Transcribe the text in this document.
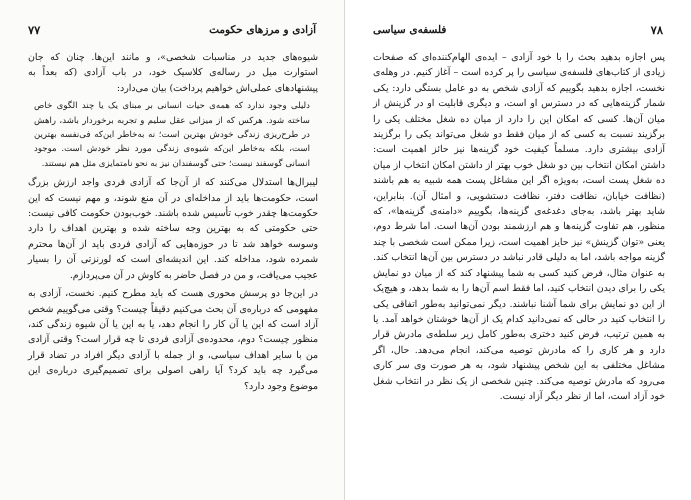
آزادی و مرزهای حکومت
۷۷

شیوه‌های جدید در مناسبات شخصی»، و مانند این‌ها. چنان که جان استوارت میل در رساله‌ی کلاسیک خود، در باب آزادی (که بعداً به پیشنهادهای عملی‌اش خواهیم پرداخت) بیان می‌دارد:

دلیلی وجود ندارد که همه‌ی حیات انسانی بر مبنای یک یا چند الگوی خاص ساخته شود. هرکس که از میزانی عقل سلیم و تجربه برخوردار باشد، راهش در طرح‌ریزی زندگی خودش بهترین است؛ نه به‌خاطر این‌که فی‌نفسه بهترین است، بلکه به‌خاطر این‌که شیوه‌ی زندگی مورد نظر خودش است. موجود انسانی گوسفند نیست؛ حتی گوسفندان نیز به نحو نامتمایزی مثل هم نیستند.

لیبرال‌ها استدلال می‌کنند که از آن‌جا که آزادی فردی واجد ارزش بزرگ است، حکومت‌ها باید از مداخله‌ای در آن منع شوند، و مهم نیست که این حکومت‌ها چقدر خوب تأسیس شده باشند. خوب‌بودن حکومت کافی نیست: حتی حکومتی که به بهترین وجه ساخته شده و بهترین اهداف را دارد وسوسه خواهد شد تا در حوزه‌هایی که آزادی فردی باید از آن‌ها محترم شمرده شود، مداخله کند. این اندیشه‌ای است که لورنزتی آن را بسیار عجیب می‌یافت، و من در فصل حاضر به کاوش در آن می‌پردازم.

در این‌جا دو پرسش محوری هست که باید مطرح کنیم. نخست، آزادی به مفهومی که درباره‌ی آن بحث می‌کنیم دقیقاً چیست؟ وقتی می‌گوییم شخص آزاد است که این یا آن کار را انجام دهد، یا به این یا آن شیوه زندگی کند، منظور چیست؟ دوم، محدوده‌ی آزادی فردی تا چه قرار است؟ وقتی آزادی من با سایر اهداف سیاسی، و از جمله با آزادی دیگر افراد در تضاد قرار می‌گیرد چه باید کرد؟ آیا راهی اصولی برای تصمیم‌گیری درباره‌ی این موضوع وجود دارد؟

۷۸
فلسفه‌ی سیاسی

پس اجازه بدهید بحث را با خود آزادی – ایده‌ی الهام‌کننده‌ای که صفحات زیادی از کتاب‌های فلسفه‌ی سیاسی را پر کرده است – آغاز کنیم. در وهله‌ی نخست، اجازه بدهید بگوییم که آزادی شخص به دو عامل بستگی دارد: یکی شمار گزینه‌هایی که در دسترس او است، و دیگری قابلیت او در گزینش از میان آن‌ها. کسی که امکان این را دارد از میان ده شغل مختلف یکی را برگزیند نسبت به کسی که از میان فقط دو شغل می‌تواند یکی را برگزیند آزادی بیشتری دارد. مسلماً کیفیت خود گزینه‌ها نیز حائز اهمیت است: داشتن امکان انتخاب بین دو شغل خوب بهتر از داشتن امکان انتخاب از میان ده شغل پست است، به‌ویژه اگر این مشاغل پست همه شبیه به هم باشند (نظافت خیابان، نظافت دفتر، نظافت دستشویی، و امثال آن). بنابراین، شاید بهتر باشد، به‌جای دغدغه‌ی گزینه‌ها، بگوییم «دامنه‌ی گزینه‌ها»، که منظور، هم تفاوت گزینه‌ها و هم ارزشمند بودن آن‌ها است. اما شرط دوم، یعنی «توان گزینش» نیز حایز اهمیت است، زیرا ممکن است شخصی با چند گزینه مواجه باشد، اما به دلیلی قادر نباشد در دسترس بین آن‌ها انتخاب کند. به عنوان مثال، فرض کنید کسی به شما پیشنهاد کند که از میان دو نمایش یکی را برای دیدن انتخاب کنید، اما فقط اسم آن‌ها را به شما بدهد، و هیچ‌یک از این دو نمایش برای شما آشنا نباشند. دیگر نمی‌توانید به‌طور اتفاقی یکی را انتخاب کنید در حالی که نمی‌دانید کدام یک از آن‌ها خوشتان خواهد آمد. یا به همین ترتیب، فرض کنید دختری به‌طور کامل زیر سلطه‌ی مادرش قرار دارد و هر کاری را که مادرش توصیه می‌کند، انجام می‌دهد. حال، اگر مشاغل مختلفی به این شخص پیشنهاد شود، به هر صورت وی سر کاری می‌رود که مادرش توصیه می‌کند. چنین شخصی از یک نظر در انتخاب شغل خود آزاد است، اما از نظر دیگر آزاد نیست.
